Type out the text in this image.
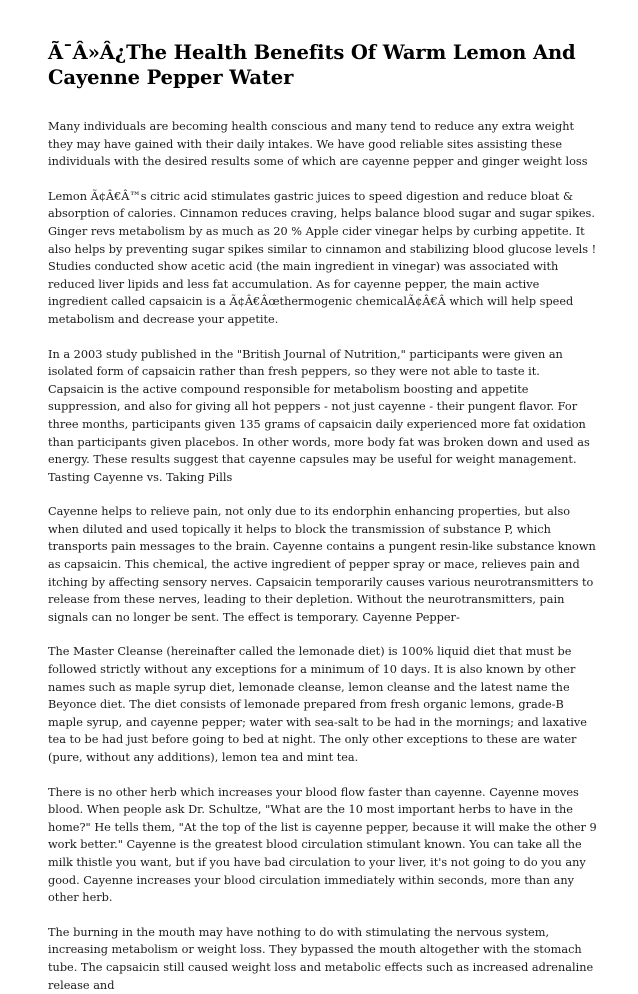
Ã¯Â»Â¿The Health Benefits Of Warm Lemon And Cayenne Pepper Water

Many individuals are becoming health conscious and many tend to reduce any extra weight they may have gained with their daily intakes. We have good reliable sites assisting these individuals with the desired results some of which are cayenne pepper and ginger weight loss

Lemon Ã¢Â€Â™s citric acid stimulates gastric juices to speed digestion and reduce bloat & absorption of calories. Cinnamon reduces craving, helps balance blood sugar and sugar spikes. Ginger revs metabolism by as much as 20 % Apple cider vinegar helps by curbing appetite. It also helps by preventing sugar spikes similar to cinnamon and stabilizing blood glucose levels ! Studies conducted show acetic acid (the main ingredient in vinegar) was associated with reduced liver lipids and less fat accumulation. As for cayenne pepper, the main active ingredient called capsaicin is a Ã¢Â€Âœthermogenic chemicalÃ¢Â€Â which will help speed metabolism and decrease your appetite.

In a 2003 study published in the "British Journal of Nutrition," participants were given an isolated form of capsaicin rather than fresh peppers, so they were not able to taste it. Capsaicin is the active compound responsible for metabolism boosting and appetite suppression, and also for giving all hot peppers - not just cayenne - their pungent flavor. For three months, participants given 135 grams of capsaicin daily experienced more fat oxidation than participants given placebos. In other words, more body fat was broken down and used as energy. These results suggest that cayenne capsules may be useful for weight management. Tasting Cayenne vs. Taking Pills

Cayenne helps to relieve pain, not only due to its endorphin enhancing properties, but also when diluted and used topically it helps to block the transmission of substance P, which transports pain messages to the brain. Cayenne contains a pungent resin-like substance known as capsaicin. This chemical, the active ingredient of pepper spray or mace, relieves pain and itching by affecting sensory nerves. Capsaicin temporarily causes various neurotransmitters to release from these nerves, leading to their depletion. Without the neurotransmitters, pain signals can no longer be sent. The effect is temporary. Cayenne Pepper-

The Master Cleanse (hereinafter called the lemonade diet) is 100% liquid diet that must be followed strictly without any exceptions for a minimum of 10 days. It is also known by other names such as maple syrup diet, lemonade cleanse, lemon cleanse and the latest name the Beyonce diet. The diet consists of lemonade prepared from fresh organic lemons, grade-B maple syrup, and cayenne pepper; water with sea-salt to be had in the mornings; and laxative tea to be had just before going to bed at night. The only other exceptions to these are water (pure, without any additions), lemon tea and mint tea.

There is no other herb which increases your blood flow faster than cayenne. Cayenne moves blood. When people ask Dr. Schultze, "What are the 10 most important herbs to have in the home?" He tells them, "At the top of the list is cayenne pepper, because it will make the other 9 work better." Cayenne is the greatest blood circulation stimulant known. You can take all the milk thistle you want, but if you have bad circulation to your liver, it's not going to do you any good. Cayenne increases your blood circulation immediately within seconds, more than any other herb.

The burning in the mouth may have nothing to do with stimulating the nervous system, increasing metabolism or weight loss. They bypassed the mouth altogether with the stomach tube. The capsaicin still caused weight loss and metabolic effects such as increased adrenaline release and
